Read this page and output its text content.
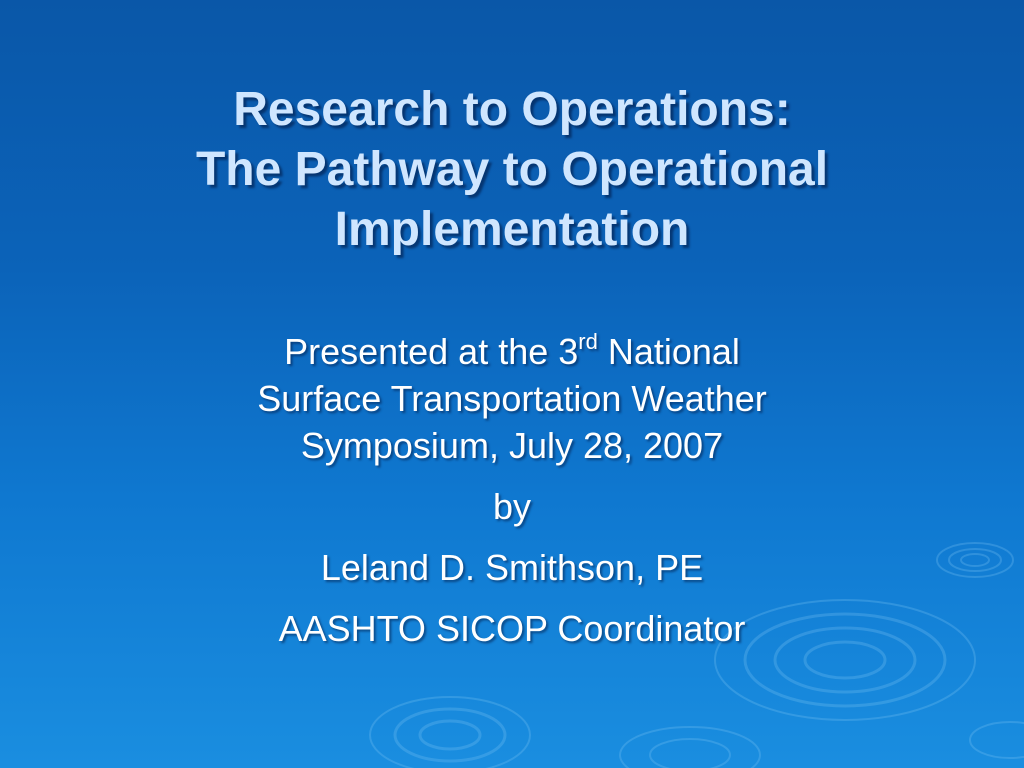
Research to Operations:
The Pathway to Operational
Implementation
Presented at the 3rd National
Surface Transportation Weather
Symposium, July 28, 2007
by
Leland D. Smithson, PE
AASHTO SICOP Coordinator
